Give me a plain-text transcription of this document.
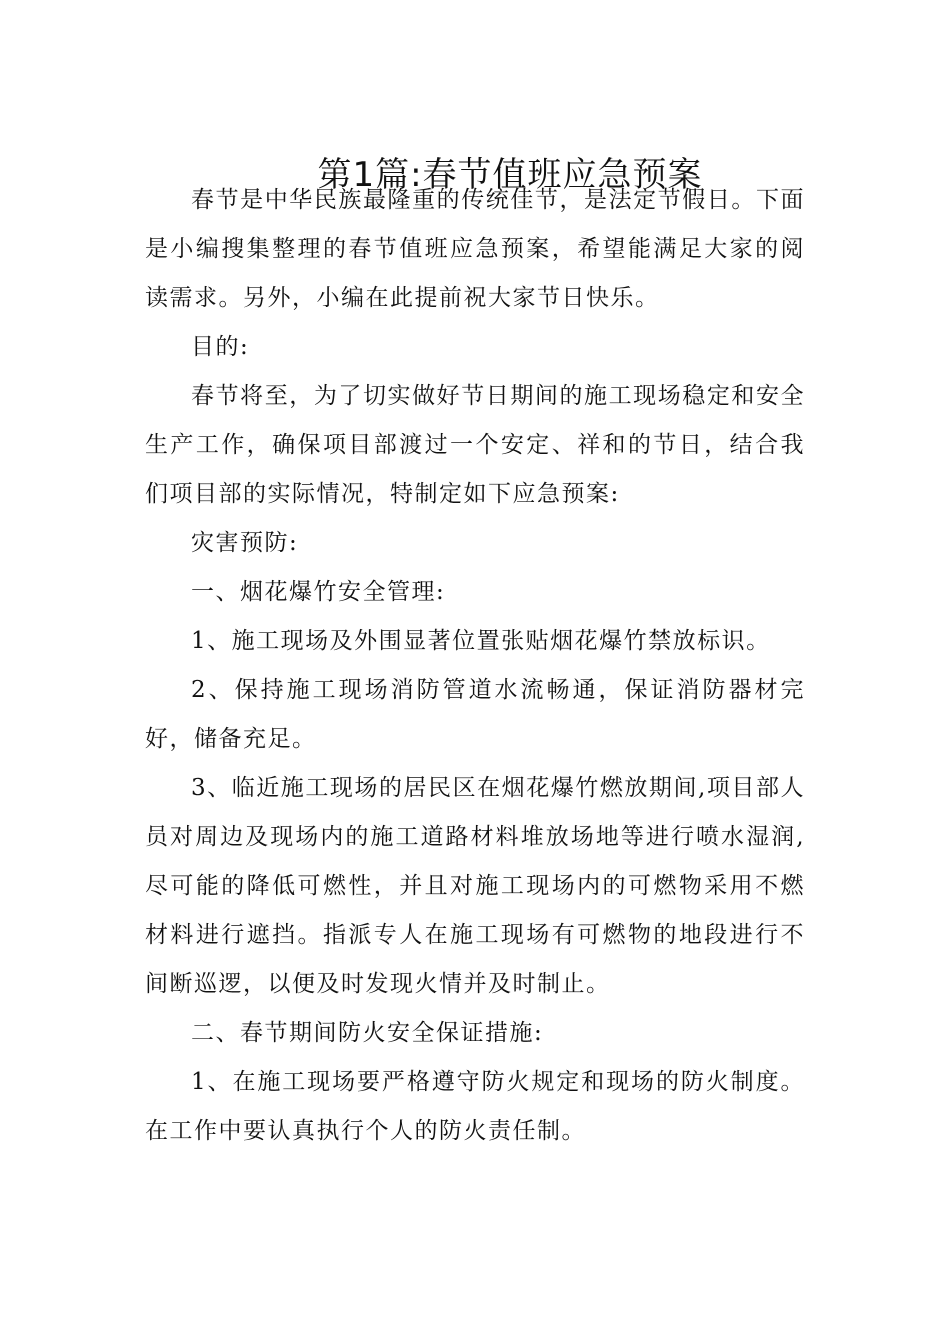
第1篇:春节值班应急预案

春节是中华民族最隆重的传统佳节，是法定节假日。下面是小编搜集整理的春节值班应急预案，希望能满足大家的阅读需求。另外，小编在此提前祝大家节日快乐。

目的:

春节将至，为了切实做好节日期间的施工现场稳定和安全生产工作，确保项目部渡过一个安定、祥和的节日，结合我们项目部的实际情况，特制定如下应急预案:

灾害预防:

一、烟花爆竹安全管理:

1、施工现场及外围显著位置张贴烟花爆竹禁放标识。

2、保持施工现场消防管道水流畅通，保证消防器材完好，储备充足。

3、临近施工现场的居民区在烟花爆竹燃放期间,项目部人员对周边及现场内的施工道路材料堆放场地等进行喷水湿润,尽可能的降低可燃性，并且对施工现场内的可燃物采用不燃材料进行遮挡。指派专人在施工现场有可燃物的地段进行不间断巡逻，以便及时发现火情并及时制止。

二、春节期间防火安全保证措施:

1、在施工现场要严格遵守防火规定和现场的防火制度。在工作中要认真执行个人的防火责任制。
